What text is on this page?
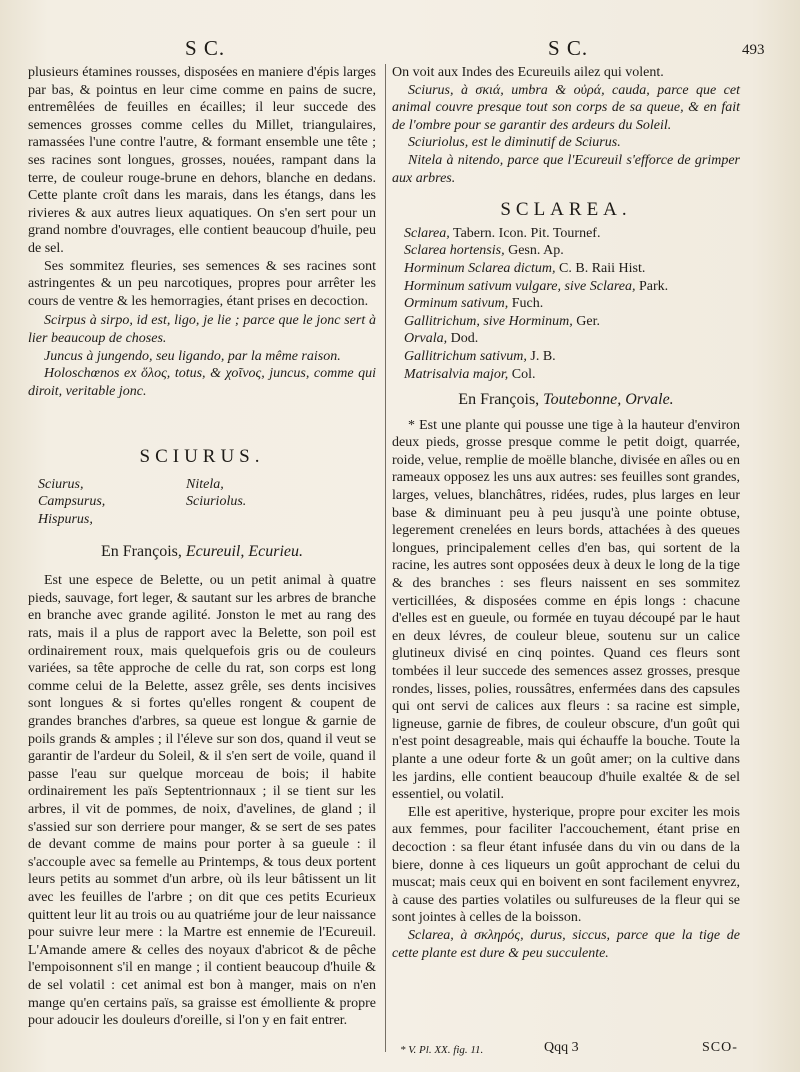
S C.	S C.	493

plusieurs étamines rousses, disposées en maniere d'épis larges par bas, & pointus en leur cime comme en pains de sucre, entremêlées de feuilles en écailles; il leur succede des semences grosses comme celles du Millet, triangulaires, ramassées l'une contre l'autre, & formant ensemble une tête ; ses racines sont longues, grosses, nouées, rampant dans la terre, de couleur rouge-brune en dehors, blanche en dedans. Cette plante croît dans les marais, dans les étangs, dans les rivieres & aux autres lieux aquatiques. On s'en sert pour un grand nombre d'ouvrages, elle contient beaucoup d'huile, peu de sel.

Ses sommitez fleuries, ses semences & ses racines sont astringentes & un peu narcotiques, propres pour arrêter les cours de ventre & les hemorragies, étant prises en decoction.

Scirpus à sirpo, id est, ligo, je lie ; parce que le jonc sert à lier beaucoup de choses.

Juncus à jungendo, seu ligando, par la même raison.

Holoschœnos ex ὅλος, totus, & χοῖνος, juncus, comme qui diroit, veritable jonc.

SCIURUS.
Sciurus,
Campsurus,
Hispurus,
Nitela,
Sciuriolus.
En François, Ecureuil, Ecurieu.

Est une espece de Belette, ou un petit animal à quatre pieds, sauvage, fort leger, & sautant sur les arbres de branche en branche avec grande agilité. Jonston le met au rang des rats, mais il a plus de rapport avec la Belette, son poil est ordinairement roux, mais quelquefois gris ou de couleurs variées, sa tête approche de celle du rat, son corps est long comme celui de la Belette, assez grêle, ses dents incisives sont longues & si fortes qu'elles rongent & coupent de grandes branches d'arbres, sa queue est longue & garnie de poils grands & amples ; il l'éleve sur son dos, quand il veut se garantir de l'ardeur du Soleil, & il s'en sert de voile, quand il passe l'eau sur quelque morceau de bois; il habite ordinairement les païs Septentrionnaux ; il se tient sur les arbres, il vit de pommes, de noix, d'avelines, de gland ; il s'assied sur son derriere pour manger, & se sert de ses pates de devant comme de mains pour porter à sa gueule : il s'accouple avec sa femelle au Printemps, & tous deux portent leurs petits au sommet d'un arbre, où ils leur bâtissent un lit avec les feuilles de l'arbre ; on dit que ces petits Ecurieux quittent leur lit au trois ou au quatriéme jour de leur naissance pour suivre leur mere : la Martre est ennemie de l'Ecureuil. L'Amande amere & celles des noyaux d'abricot & de pêche l'empoisonnent s'il en mange ; il contient beaucoup d'huile & de sel volatil : cet animal est bon à manger, mais on n'en mange qu'en certains païs, sa graisse est émolliente & propre pour adoucir les douleurs d'oreille, si l'on y en fait entrer.

On voit aux Indes des Ecureuils ailez qui volent.

Sciurus, à σκιά, umbra & οὐρά, cauda, parce que cet animal couvre presque tout son corps de sa queue, & en fait de l'ombre pour se garantir des ardeurs du Soleil.

Sciuriolus, est le diminutif de Sciurus.

Nitela à nitendo, parce que l'Ecureuil s'efforce de grimper aux arbres.

SCLAREA.
Sclarea, Tabern. Icon. Pit. Tournef.
Sclarea hortensis, Gesn. Ap.
Horminum Sclarea dictum, C. B. Raii Hist.
Horminum sativum vulgare, sive Sclarea, Park.
Orminum sativum, Fuch.
Gallitrichum, sive Horminum, Ger.
Orvala, Dod.
Gallitrichum sativum, J. B.
Matrisalvia major, Col.
En François, Toutebonne, Orvale.

* Est une plante qui pousse une tige à la hauteur d'environ deux pieds, grosse presque comme le petit doigt, quarrée, roide, velue, remplie de moëlle blanche, divisée en aîles ou en rameaux opposez les uns aux autres: ses feuilles sont grandes, larges, velues, blanchâtres, ridées, rudes, plus larges en leur base & diminuant peu à peu jusqu'à une pointe obtuse, legerement crenelées en leurs bords, attachées à des queues longues, principalement celles d'en bas, qui sortent de la racine, les autres sont opposées deux à deux le long de la tige & des branches : ses fleurs naissent en ses sommitez verticillées, & disposées comme en épis longs : chacune d'elles est en gueule, ou formée en tuyau découpé par le haut en deux lévres, de couleur bleue, soutenu sur un calice glutineux divisé en cinq pointes. Quand ces fleurs sont tombées il leur succede des semences assez grosses, presque rondes, lisses, polies, roussâtres, enfermées dans des capsules qui ont servi de calices aux fleurs : sa racine est simple, ligneuse, garnie de fibres, de couleur obscure, d'un goût qui n'est point desagreable, mais qui échauffe la bouche. Toute la plante a une odeur forte & un goût amer; on la cultive dans les jardins, elle contient beaucoup d'huile exaltée & de sel essentiel, ou volatil.

Elle est aperitive, hysterique, propre pour exciter les mois aux femmes, pour faciliter l'accouchement, étant prise en decoction : sa fleur étant infusée dans du vin ou dans de la biere, donne à ces liqueurs un goût approchant de celui du muscat; mais ceux qui en boivent en sont facilement enyvrez, à cause des parties volatiles ou sulfureuses de la fleur qui se sont jointes à celles de la boisson.

Sclarea, à σκληρός, durus, siccus, parce que la tige de cette plante est dure & peu succulente.

* V. Pl. XX. fig. 11.	Qqq 3	SCO-
